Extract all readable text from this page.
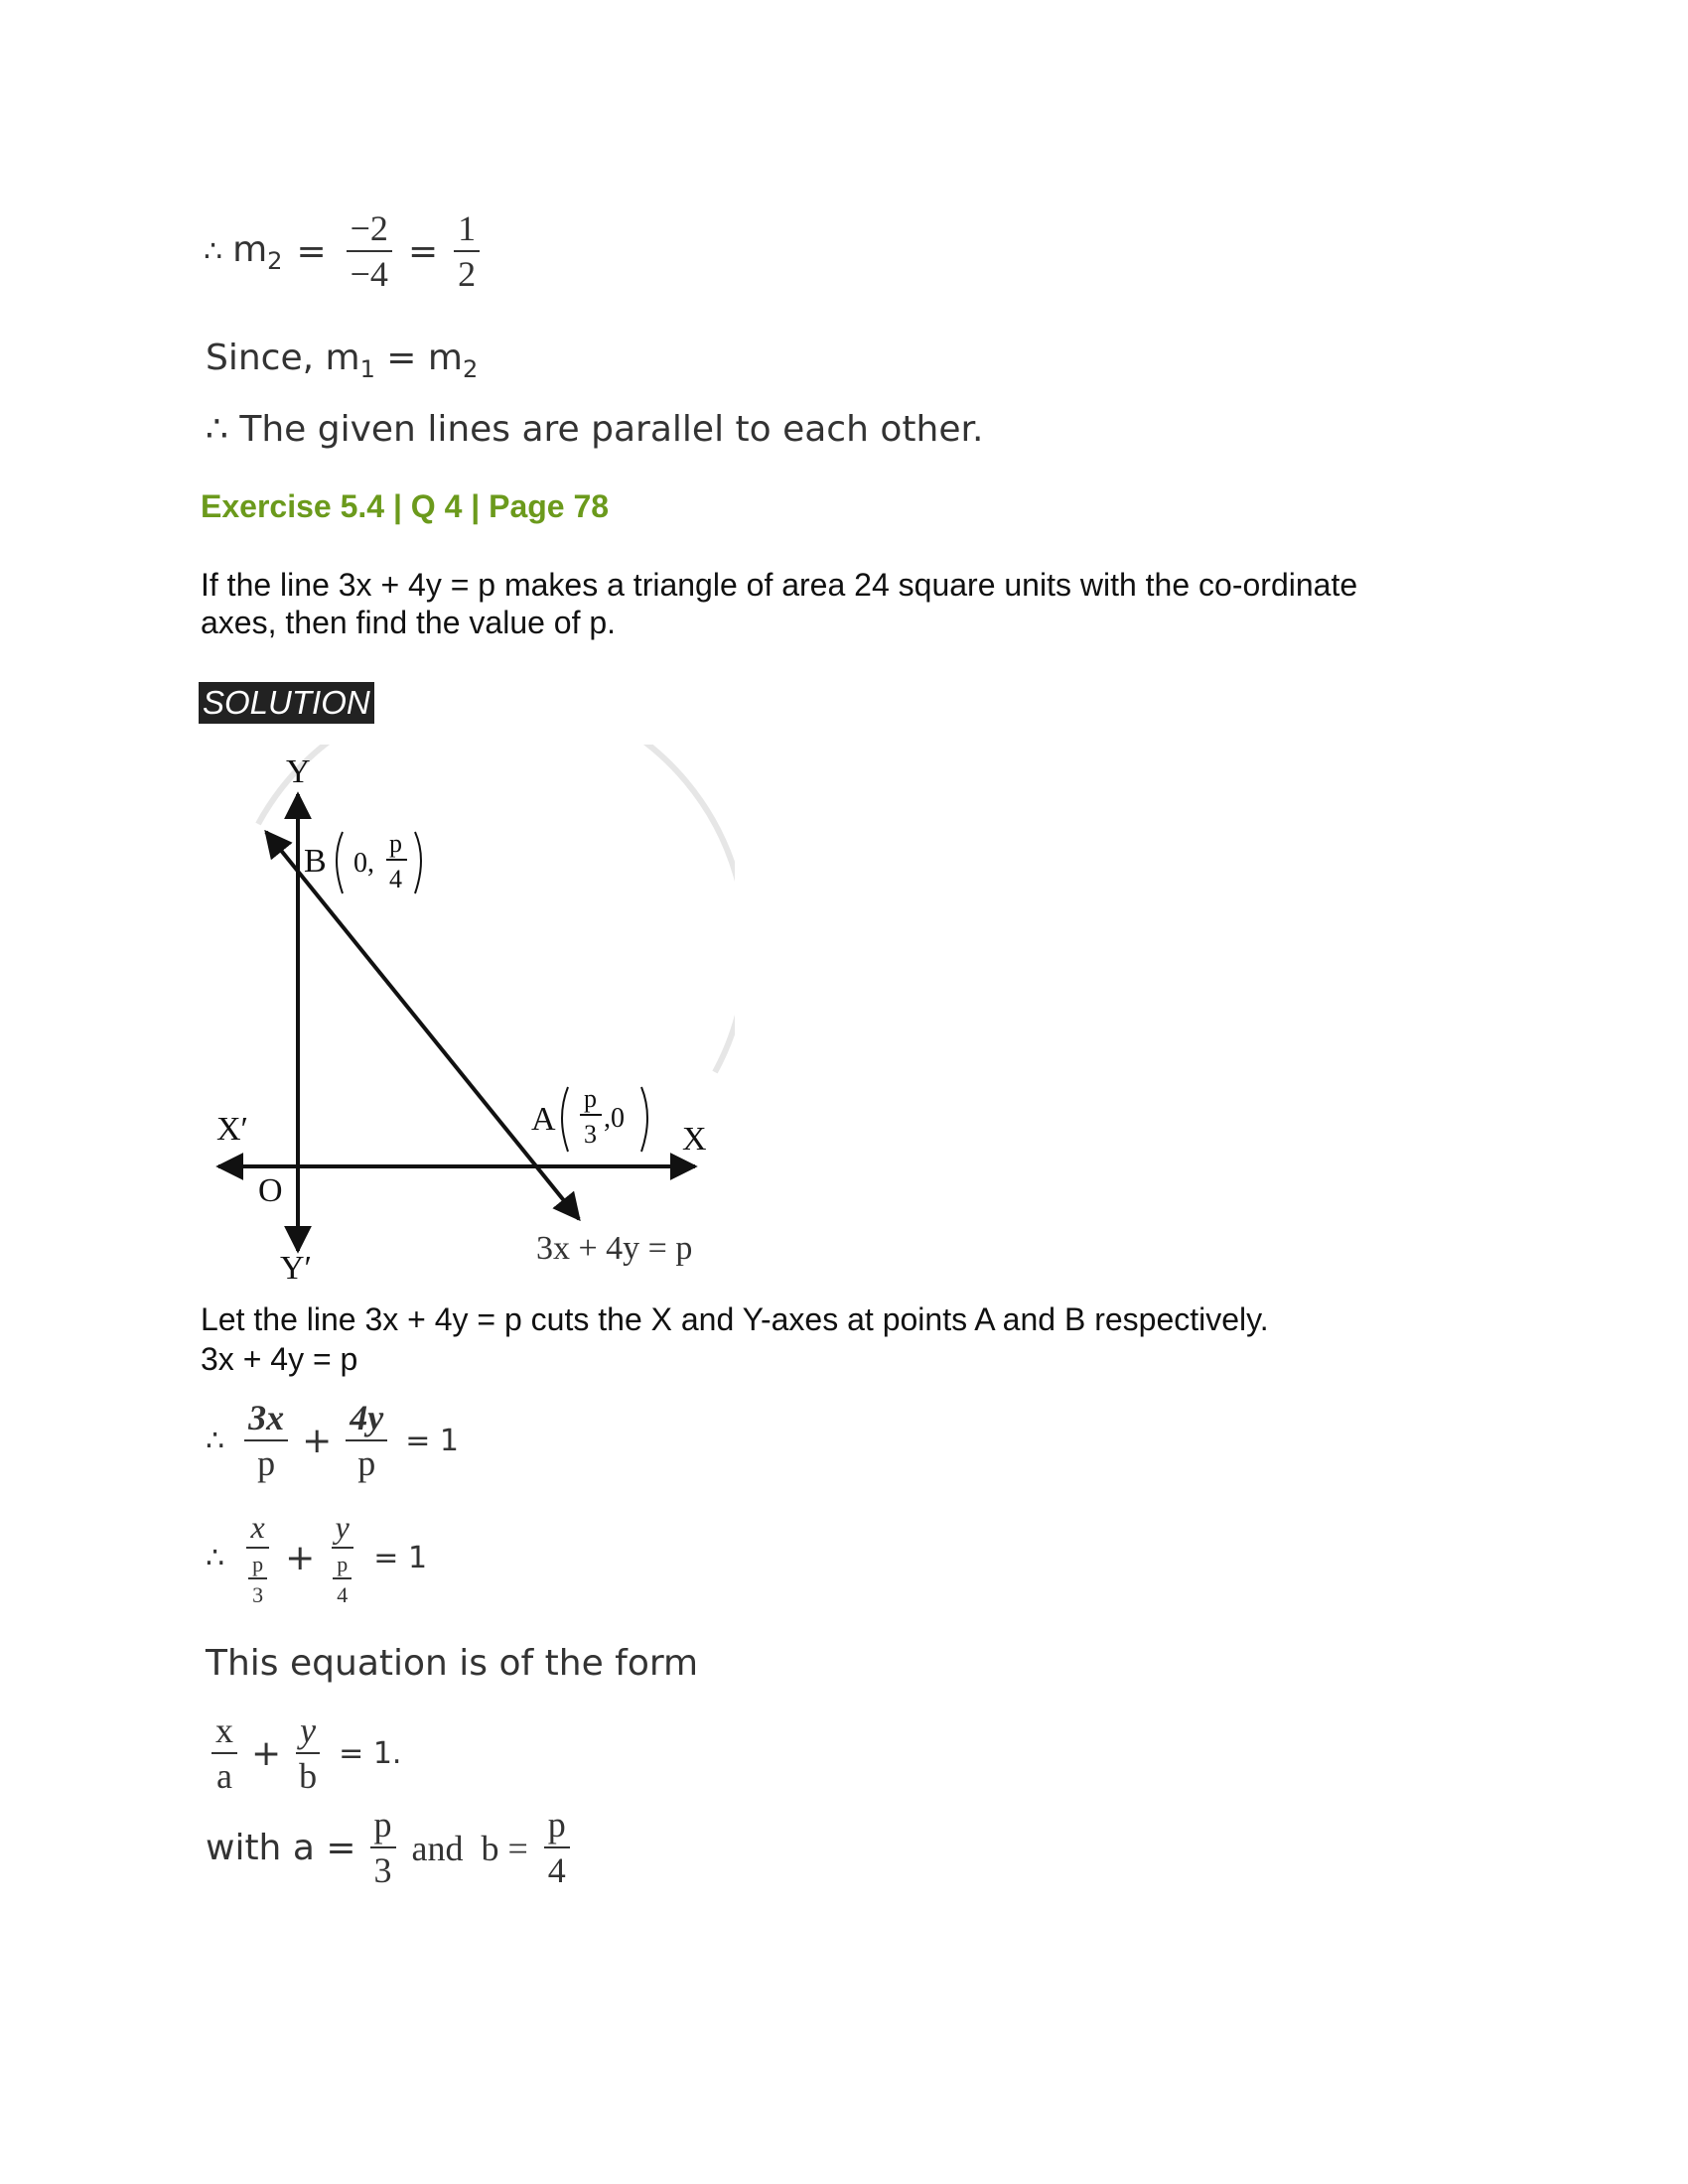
∴ $m_2 = \frac{-2}{-4} = \frac{1}{2}$
Since, $m_1 = m_2$
∴ The given lines are parallel to each other.
Exercise 5.4 | Q 4 | Page 78
If the line 3x + 4y = p makes a triangle of area 24 square units with the co-ordinate
axes, then find the value of p.
SOLUTION
Y
Y′
X
X′
O
B 0,
p
4
A
p
3
,0
3x + 4y = p
Let the line 3x + 4y = p cuts the X and Y-axes at points A and B respectively.
3x + 4y = p
∴ $\frac{3x}{p} + \frac{4y}{p} = 1$
∴ $\frac{x}{\frac{p}{3}} + \frac{y}{\frac{p}{4}} = 1$
This equation is of the form
$\frac{x}{a} + \frac{y}{b} = 1$.
with $a = \frac{p}{3}$ and  $b = \frac{p}{4}$
